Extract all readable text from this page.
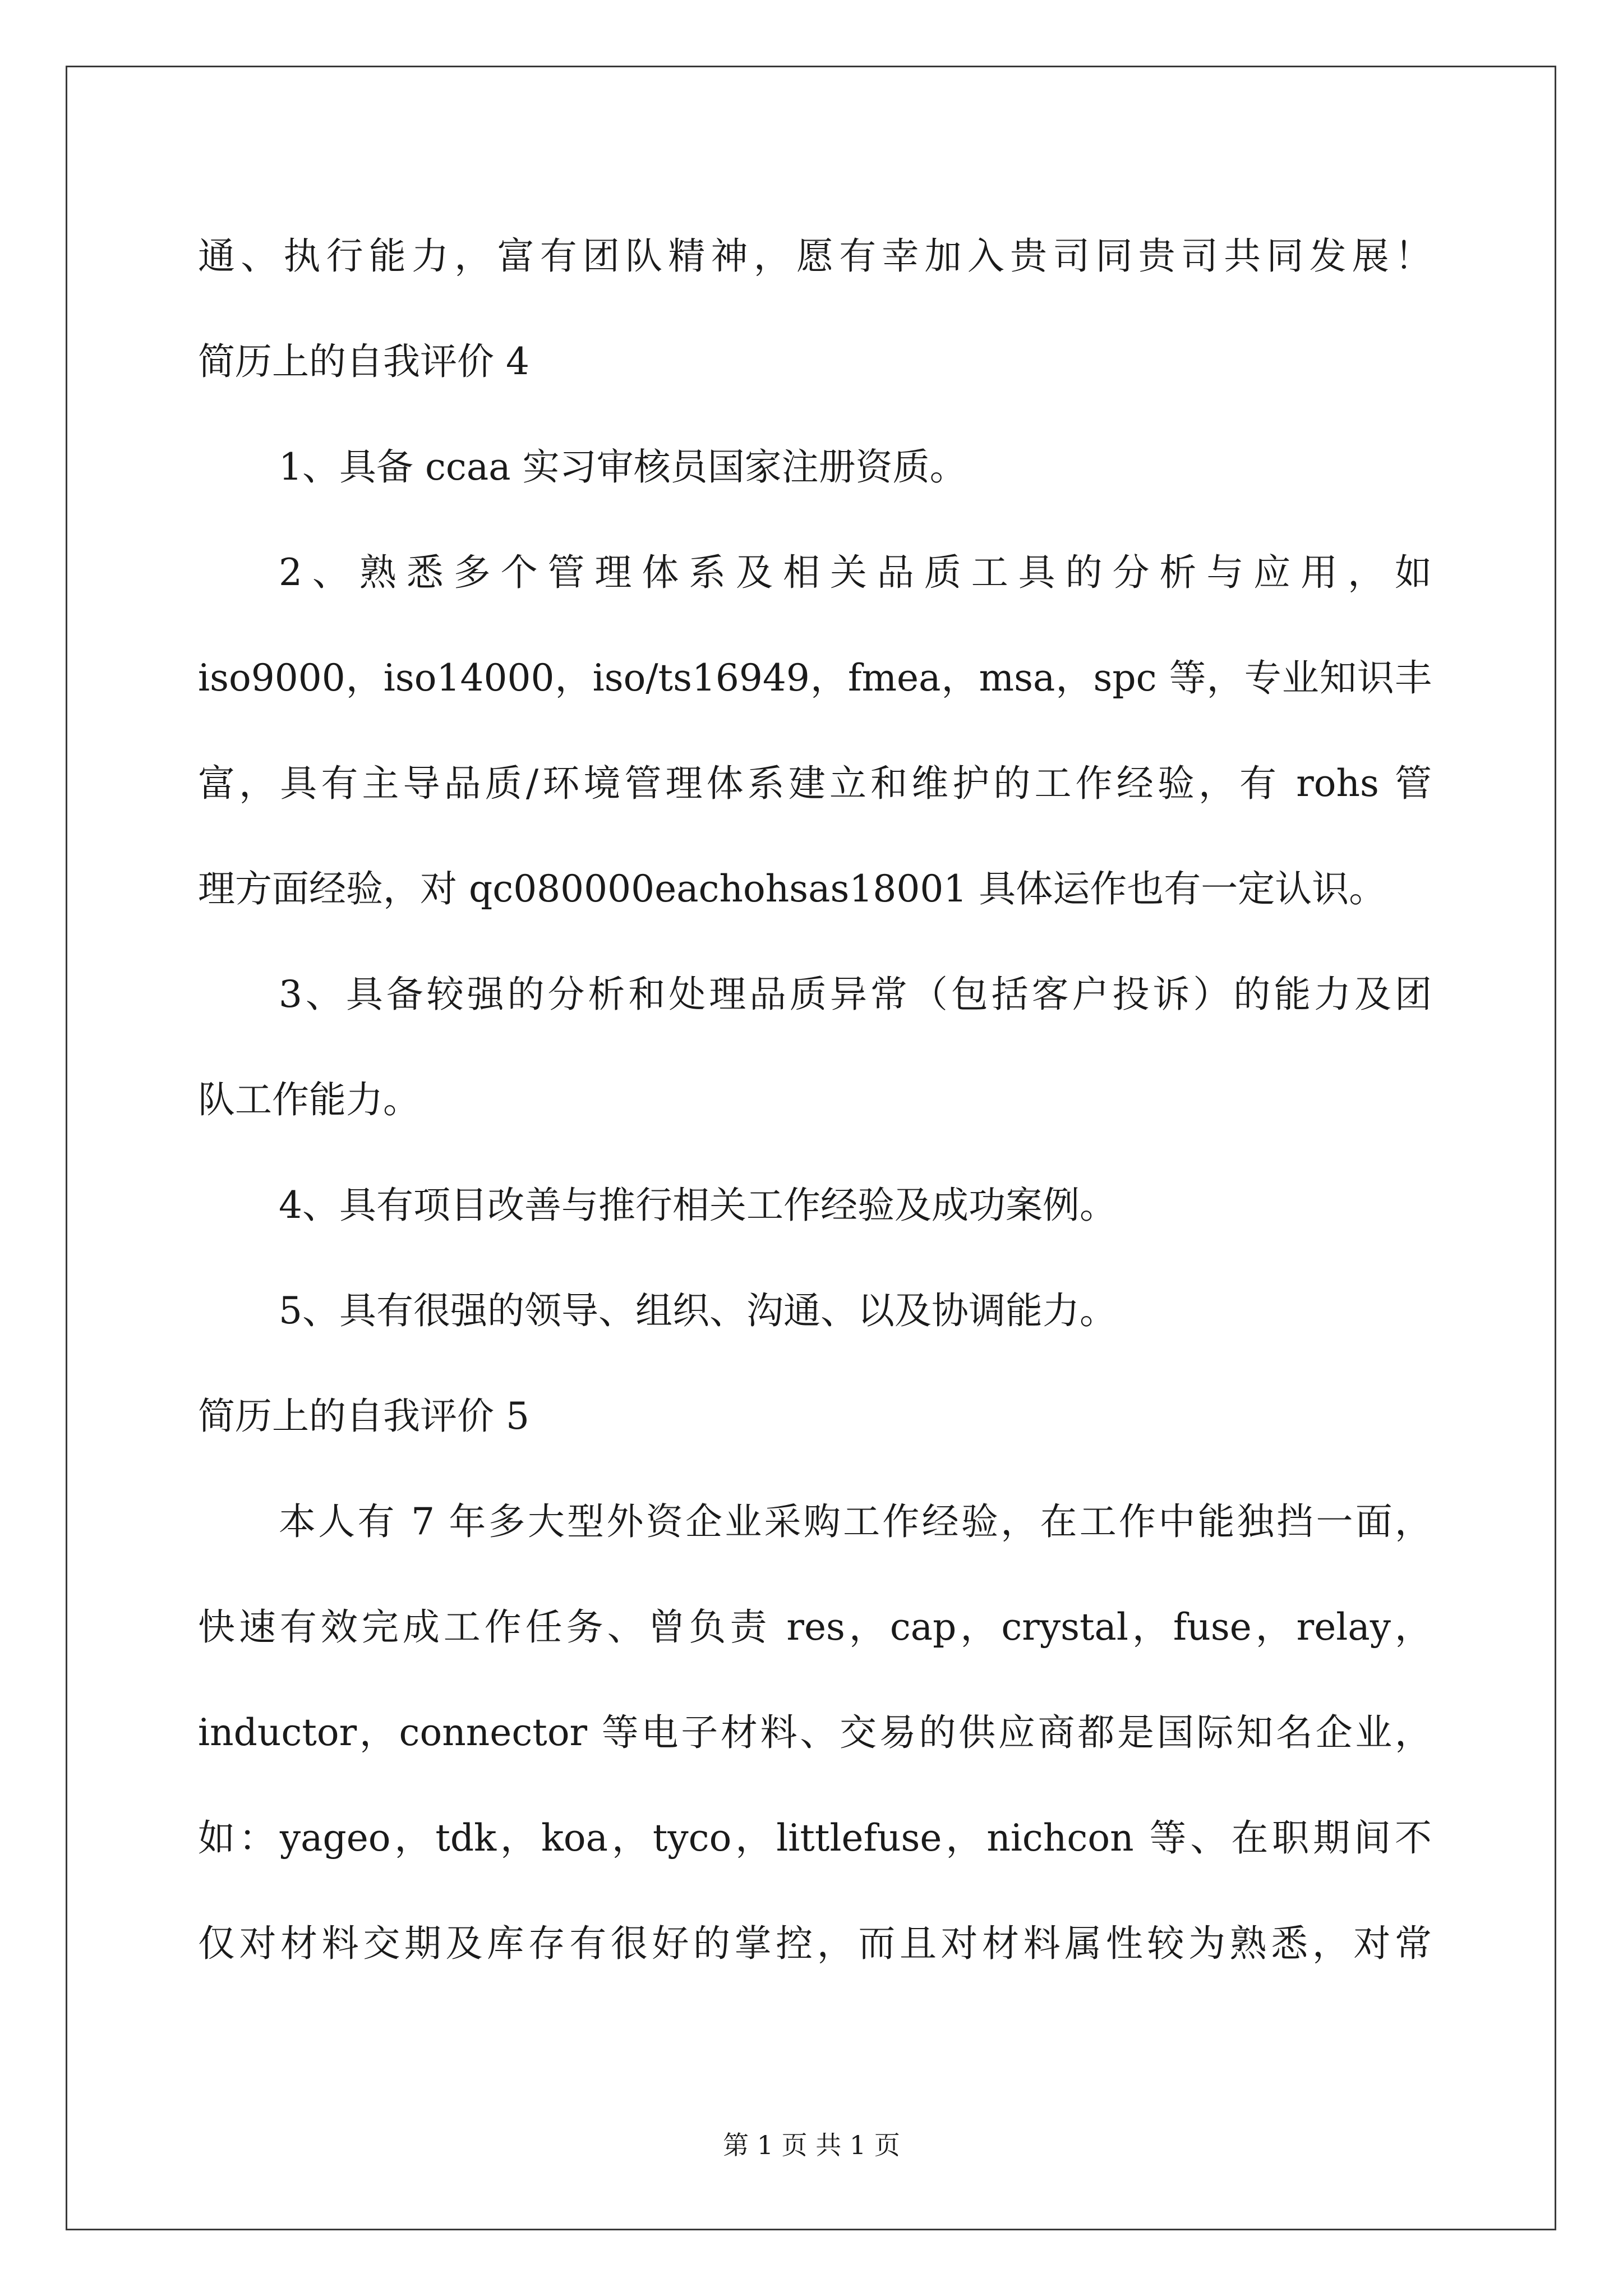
通、执行能力，富有团队精神，愿有幸加入贵司同贵司共同发展！
简历上的自我评价 4
1、具备 ccaa 实习审核员国家注册资质。
2、熟悉多个管理体系及相关品质工具的分析与应用，如
iso9000，iso14000，iso/ts16949，fmea，msa，spc 等，专业知识丰
富，具有主导品质/环境管理体系建立和维护的工作经验，有 rohs 管
理方面经验，对 qc080000eachohsas18001 具体运作也有一定认识。
3、具备较强的分析和处理品质异常（包括客户投诉）的能力及团
队工作能力。
4、具有项目改善与推行相关工作经验及成功案例。
5、具有很强的领导、组织、沟通、以及协调能力。
简历上的自我评价 5
本人有 7 年多大型外资企业采购工作经验，在工作中能独挡一面，
快速有效完成工作任务、曾负责 res，cap，crystal，fuse，relay，
inductor，connector 等电子材料、交易的供应商都是国际知名企业，
如：yageo，tdk，koa，tyco，littlefuse，nichcon 等、在职期间不
仅对材料交期及库存有很好的掌控，而且对材料属性较为熟悉，对常
第 1 页 共 1 页
